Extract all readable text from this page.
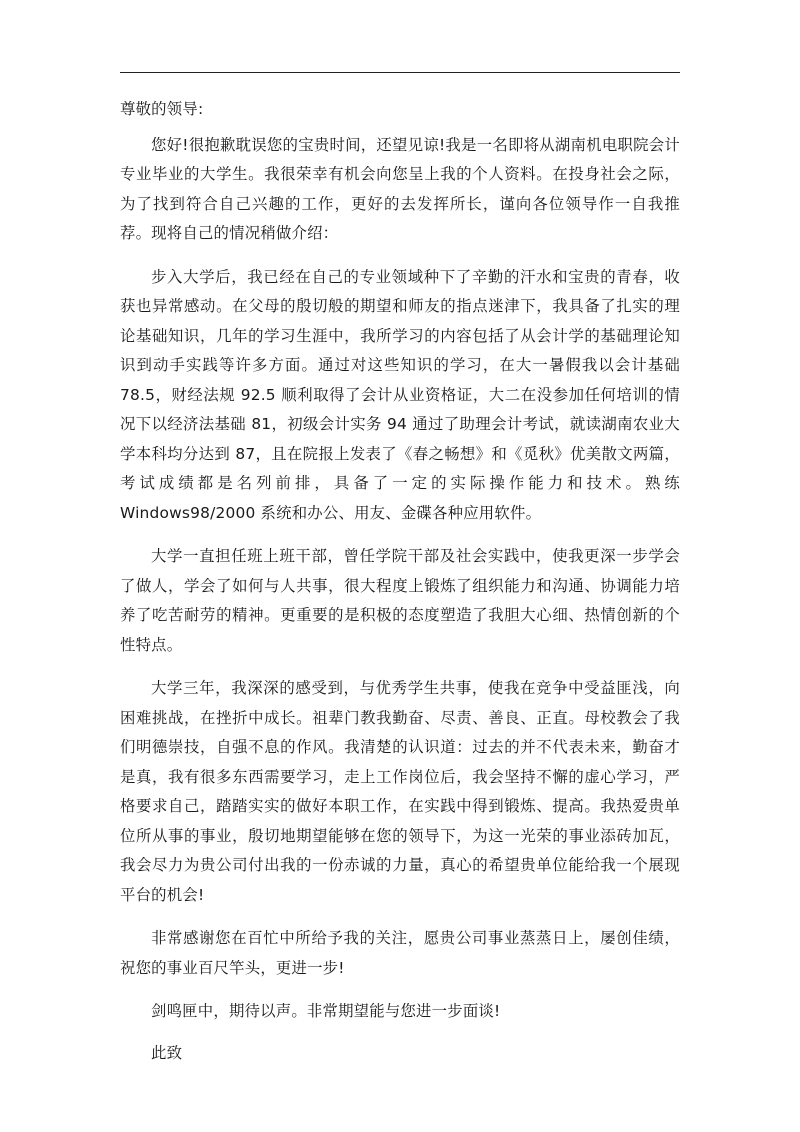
尊敬的领导:

您好!很抱歉耽误您的宝贵时间，还望见谅!我是一名即将从湖南机电职院会计专业毕业的大学生。我很荣幸有机会向您呈上我的个人资料。在投身社会之际，为了找到符合自己兴趣的工作，更好的去发挥所长，谨向各位领导作一自我推荐。现将自己的情况稍做介绍：

步入大学后，我已经在自己的专业领域种下了辛勤的汗水和宝贵的青春，收获也异常感动。在父母的殷切般的期望和师友的指点迷津下，我具备了扎实的理论基础知识，几年的学习生涯中，我所学习的内容包括了从会计学的基础理论知识到动手实践等许多方面。通过对这些知识的学习，在大一暑假我以会计基础 78.5，财经法规 92.5 顺利取得了会计从业资格证，大二在没参加任何培训的情况下以经济法基础 81，初级会计实务 94 通过了助理会计考试，就读湖南农业大学本科均分达到 87，且在院报上发表了《春之畅想》和《觅秋》优美散文两篇，考试成绩都是名列前排，具备了一定的实际操作能力和技术。熟练 Windows98/2000 系统和办公、用友、金碟各种应用软件。

大学一直担任班上班干部，曾任学院干部及社会实践中，使我更深一步学会了做人，学会了如何与人共事，很大程度上锻炼了组织能力和沟通、协调能力培养了吃苦耐劳的精神。更重要的是积极的态度塑造了我胆大心细、热情创新的个性特点。

大学三年，我深深的感受到，与优秀学生共事，使我在竞争中受益匪浅，向困难挑战，在挫折中成长。祖辈门教我勤奋、尽责、善良、正直。母校教会了我们明德崇技，自强不息的作风。我清楚的认识道：过去的并不代表未来，勤奋才是真，我有很多东西需要学习，走上工作岗位后，我会坚持不懈的虚心学习，严格要求自己，踏踏实实的做好本职工作，在实践中得到锻炼、提高。我热爱贵单位所从事的事业，殷切地期望能够在您的领导下，为这一光荣的事业添砖加瓦，我会尽力为贵公司付出我的一份赤诚的力量，真心的希望贵单位能给我一个展现平台的机会!

非常感谢您在百忙中所给予我的关注，愿贵公司事业蒸蒸日上，屡创佳绩，祝您的事业百尺竿头，更进一步!

剑鸣匣中，期待以声。非常期望能与您进一步面谈!

此致
